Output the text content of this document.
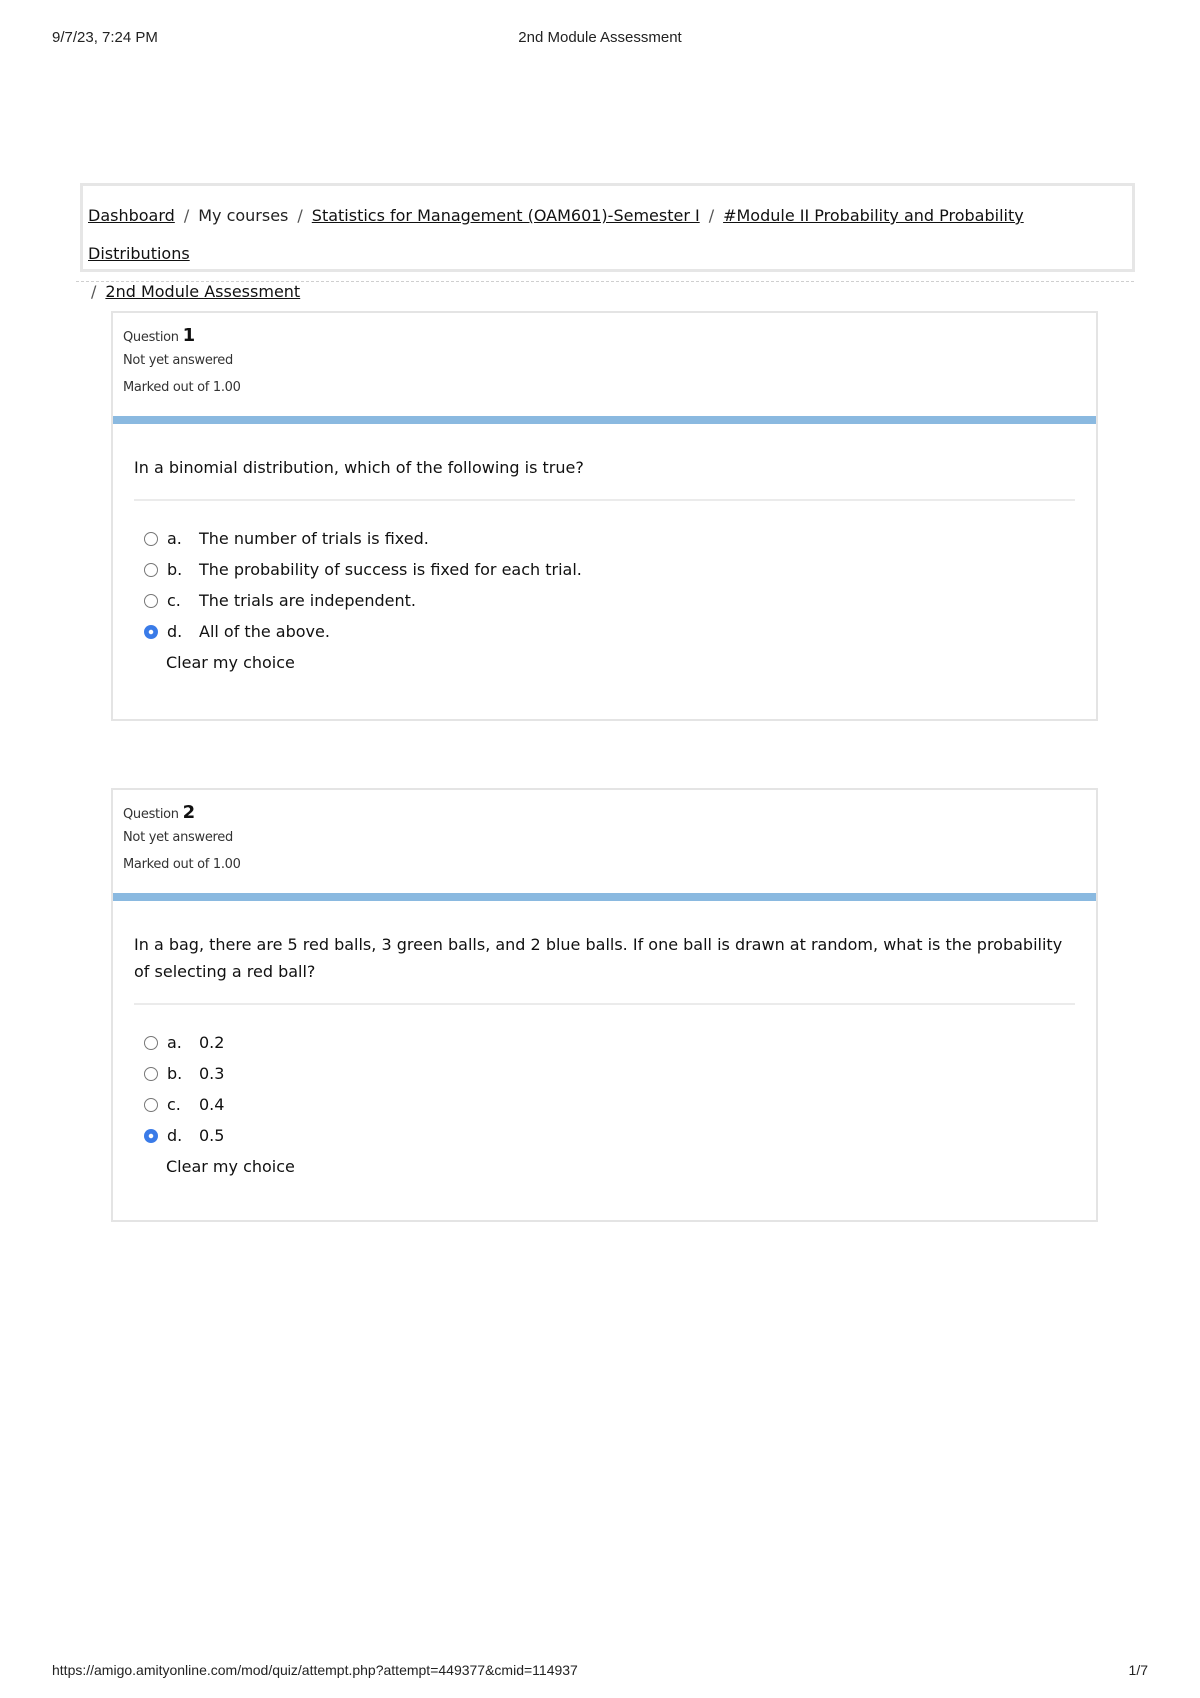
9/7/23, 7:24 PM	2nd Module Assessment
Dashboard / My courses / Statistics for Management (OAM601)-Semester I / #Module II Probability and Probability Distributions
/ 2nd Module Assessment
Question 1
Not yet answered
Marked out of 1.00
In a binomial distribution, which of the following is true?
a.	The number of trials is fixed.
b.	The probability of success is fixed for each trial.
c.	The trials are independent.
d.	All of the above.
Clear my choice
Question 2
Not yet answered
Marked out of 1.00
In a bag, there are 5 red balls, 3 green balls, and 2 blue balls. If one ball is drawn at random, what is the probability of selecting a red ball?
a.	0.2
b.	0.3
c.	0.4
d.	0.5
Clear my choice
https://amigo.amityonline.com/mod/quiz/attempt.php?attempt=449377&cmid=114937	1/7
